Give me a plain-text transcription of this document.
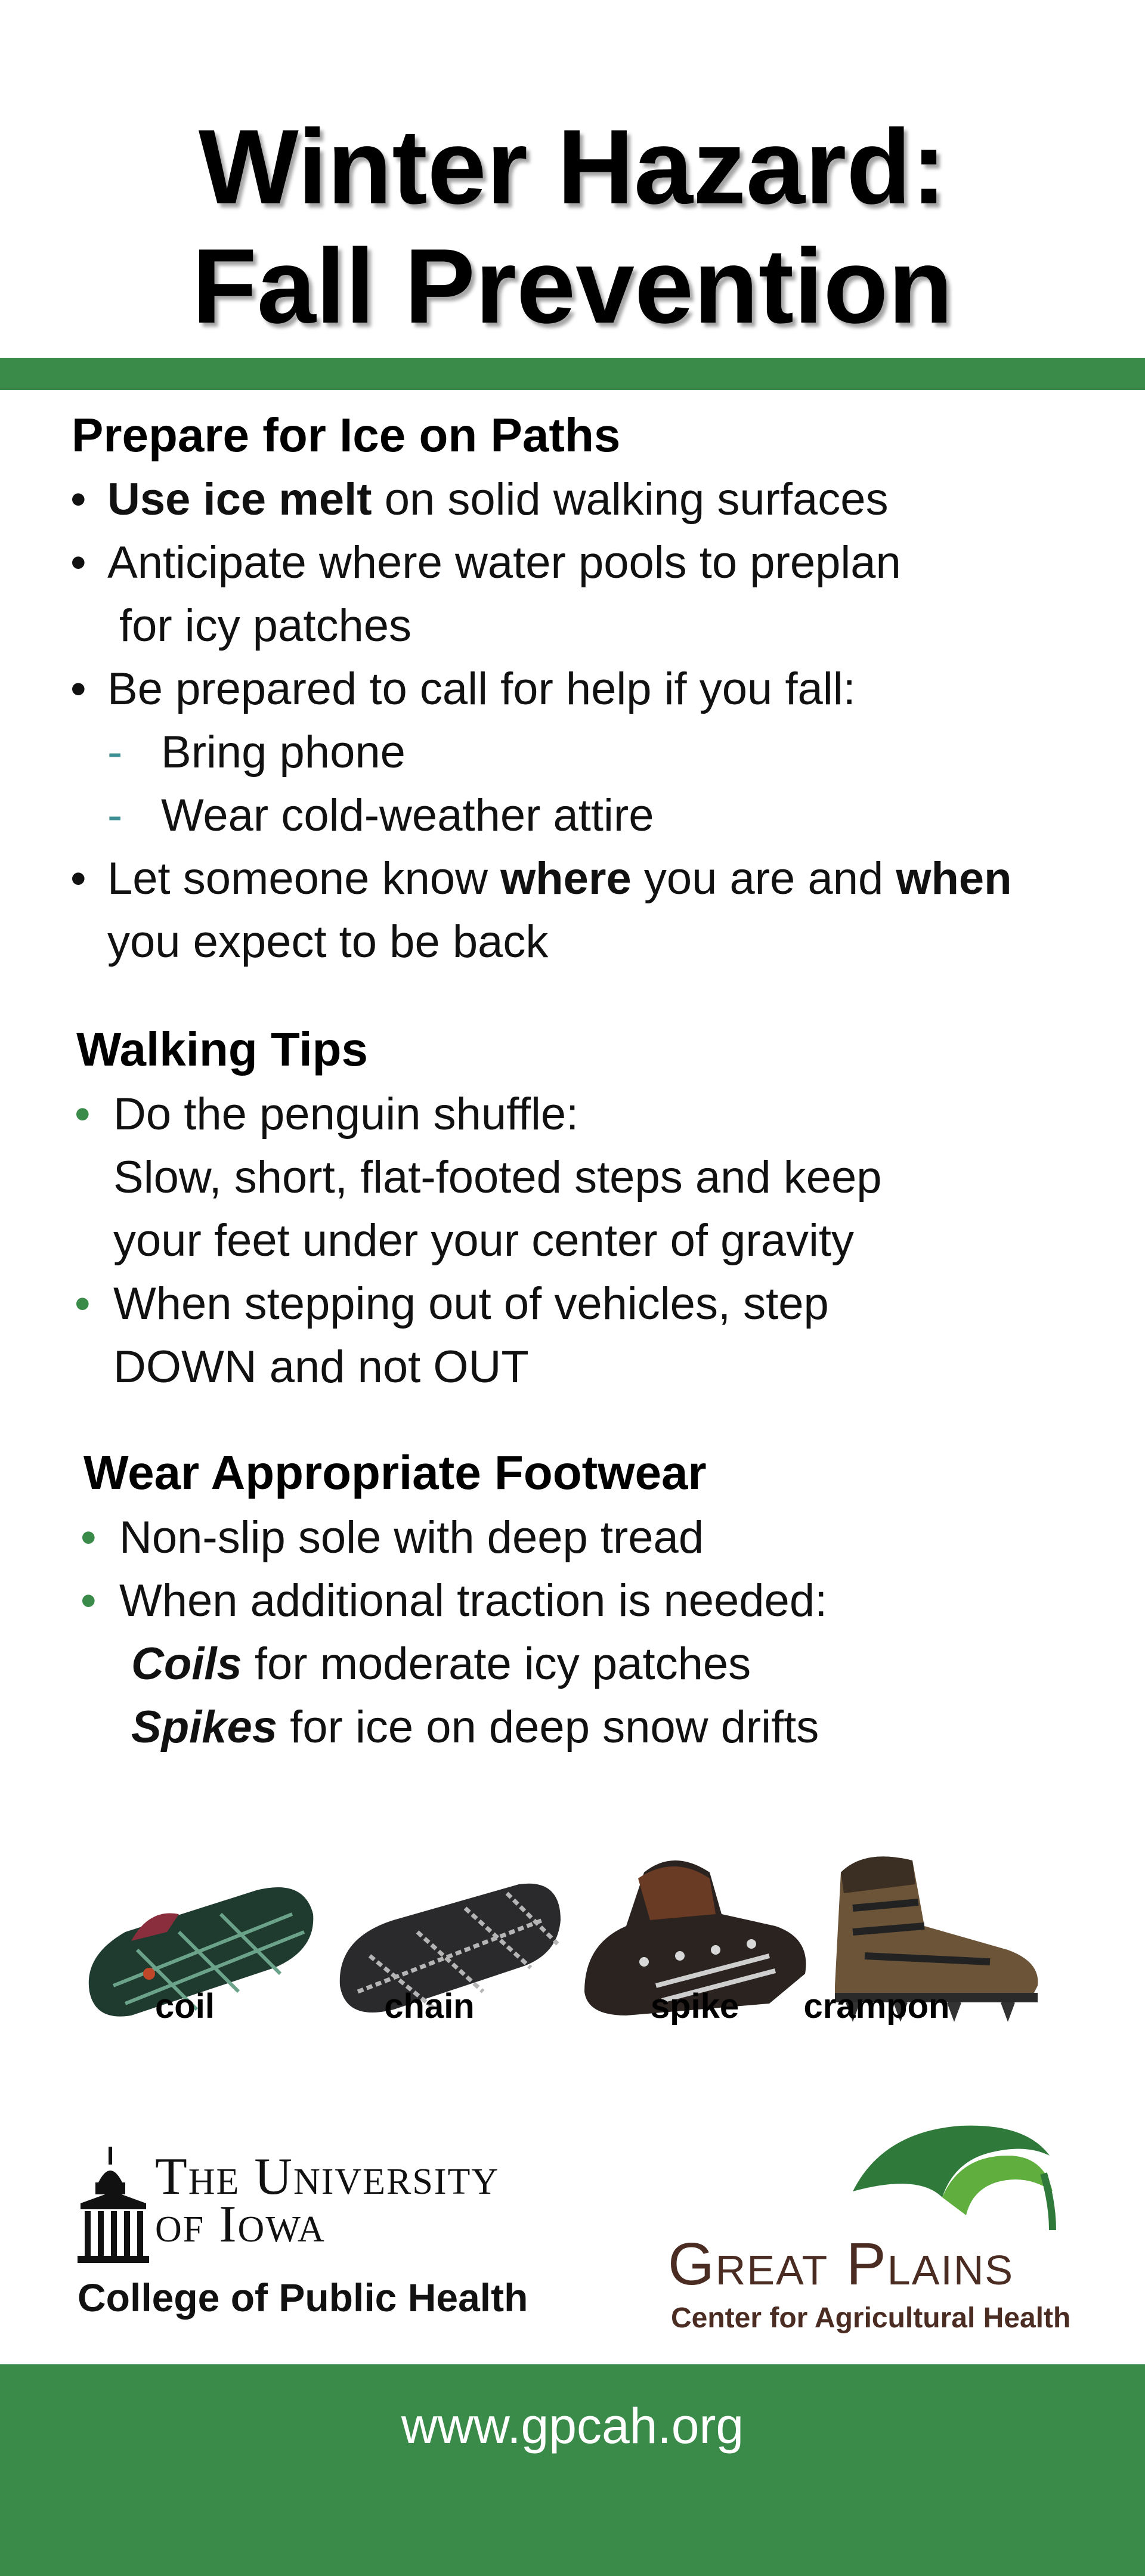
Winter Hazard:
Fall Prevention
Prepare for Ice on Paths
• Use ice melt on solid walking surfaces

• Anticipate where water pools to preplan

for icy patches

• Be prepared to call for help if you fall:

- Bring phone

- Wear cold-weather attire

• Let someone know where you are and when

you expect to be back

Walking Tips
• Do the penguin shuffle:

Slow, short, flat-footed steps and keep

your feet under your center of gravity

• When stepping out of vehicles, step

DOWN and not OUT

Wear Appropriate Footwear
• Non-slip sole with deep tread

• When additional traction is needed:

Coils for moderate icy patches

Spikes for ice on deep snow drifts

coil	chain	spike	crampon
The University
of Iowa
College of Public Health Great Plains
Center for Agricultural Health

www.gpcah.org
